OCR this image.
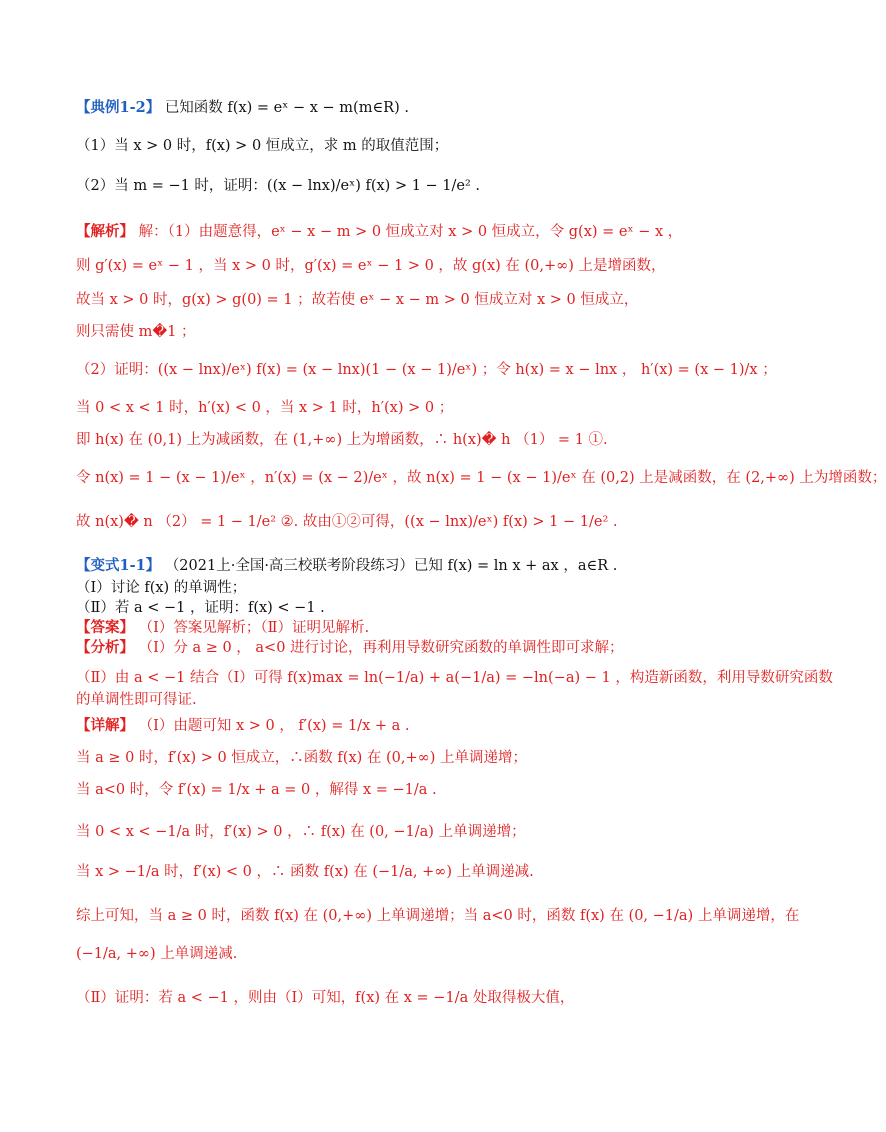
【典例1-2】 已知函数 f(x) = eˣ − x − m(m∈R) .
（1）当 x > 0 时，f(x) > 0 恒成立，求 m 的取值范围；
（2）当 m = −1 时，证明：((x − lnx)/eˣ) f(x) > 1 − 1/e² .
【解析】 解：（1）由题意得，eˣ − x − m > 0 恒成立对 x > 0 恒成立，令 g(x) = eˣ − x ，
则 g′(x) = eˣ − 1 ，当 x > 0 时，g′(x) = eˣ − 1 > 0 ，故 g(x) 在 (0,+∞) 上是增函数，
故当 x > 0 时，g(x) > g(0) = 1 ；故若使 eˣ − x − m > 0 恒成立对 x > 0 恒成立，
则只需使 m�1 ；
（2）证明：((x − lnx)/eˣ) f(x) = (x − lnx)(1 − (x − 1)/eˣ) ；令 h(x) = x − lnx ， h′(x) = (x − 1)/x ；
当 0 < x < 1 时，h′(x) < 0 ，当 x > 1 时，h′(x) > 0 ；
即 h(x) 在 (0,1) 上为减函数，在 (1,+∞) 上为增函数，∴ h(x)� h （1） = 1 ①.
令 n(x) = 1 − (x − 1)/eˣ ，n′(x) = (x − 2)/eˣ ，故 n(x) = 1 − (x − 1)/eˣ 在 (0,2) 上是减函数，在 (2,+∞) 上为增函数；
故 n(x)� n （2） = 1 − 1/e² ②. 故由①②可得，((x − lnx)/eˣ) f(x) > 1 − 1/e² .
【变式1-1】 （2021上·全国·高三校联考阶段练习）已知 f(x) = ln x + ax ，a∈R .
（Ⅰ）讨论 f(x) 的单调性；
（Ⅱ）若 a < −1 ，证明：f(x) < −1 .
【答案】 （Ⅰ）答案见解析；（Ⅱ）证明见解析.
【分析】 （Ⅰ）分 a ≥ 0 ， a<0 进行讨论，再利用导数研究函数的单调性即可求解；
（Ⅱ）由 a < −1 结合（Ⅰ）可得 f(x)max = ln(−1/a) + a(−1/a) = −ln(−a) − 1 ，构造新函数，利用导数研究函数
的单调性即可得证.
【详解】 （Ⅰ）由题可知 x > 0 ， f′(x) = 1/x + a .
当 a ≥ 0 时，f′(x) > 0 恒成立，∴函数 f(x) 在 (0,+∞) 上单调递增；
当 a<0 时，令 f′(x) = 1/x + a = 0 ，解得 x = −1/a .
当 0 < x < −1/a 时，f′(x) > 0 ，∴ f(x) 在 (0, −1/a) 上单调递增；
当 x > −1/a 时，f′(x) < 0 ，∴ 函数 f(x) 在 (−1/a, +∞) 上单调递减.
综上可知，当 a ≥ 0 时，函数 f(x) 在 (0,+∞) 上单调递增；当 a<0 时，函数 f(x) 在 (0, −1/a) 上单调递增，在
(−1/a, +∞) 上单调递减.
（Ⅱ）证明：若 a < −1 ，则由（Ⅰ）可知，f(x) 在 x = −1/a 处取得极大值，
